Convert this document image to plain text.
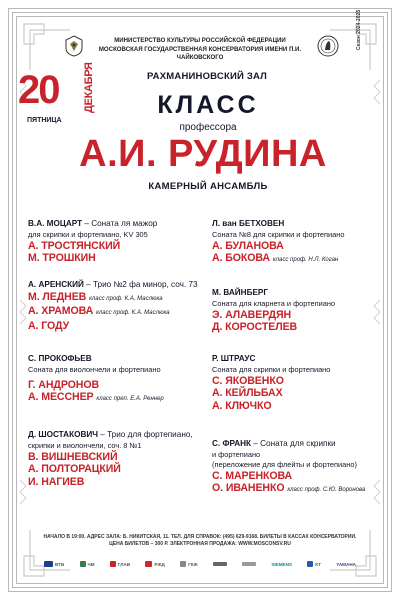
МИНИСТЕРСТВО КУЛЬТУРЫ РОССИЙСКОЙ ФЕДЕРАЦИИ
МОСКОВСКАЯ ГОСУДАРСТВЕННАЯ КОНСЕРВАТОРИЯ ИМЕНИ П.И. ЧАЙКОВСКОГО
Сезон 2024-2025
20 ДЕКАБРЯ
ПЯТНИЦА
РАХМАНИНОВСКИЙ ЗАЛ
КЛАСС
профессора
А.И. РУДИНА
КАМЕРНЫЙ АНСАМБЛЬ
В.А. МОЦАРТ – Соната ля мажор
для скрипки и фортепиано, KV 305
А. ТРОСТЯНСКИЙ
М. ТРОШКИН
А. АРЕНСКИЙ – Трио №2 фа минор, соч. 73
М. ЛЕДНЕВ класс проф. К.А. Маслюка
А. ХРАМОВА класс проф. К.А. Маслюка
А. ГОДУ
С. ПРОКОФЬЕВ
Соната для виолончели и фортепиано
Г. АНДРОНОВ
А. МЕССНЕР класс преп. Е.А. Реннер
Д. ШОСТАКОВИЧ – Трио для фортепиано,
скрипки и виолончели, соч. 8 №1
В. ВИШНЕВСКИЙ
А. ПОЛТОРАЦКИЙ
И. НАГИЕВ
Л. ван БЕТХОВЕН
Соната №8 для скрипки и фортепиано
А. БУЛАНОВА
А. БОКОВА класс проф. Н.Л. Коган
М. ВАЙНБЕРГ
Соната для кларнета и фортепиано
Э. АЛАВЕРДЯН
Д. КОРОСТЕЛЕВ
Р. ШТРАУС
Соната для скрипки и фортепиано
С. ЯКОВЕНКО
А. КЕЙЛЬБАХ
А. КЛЮЧКО
С. ФРАНК – Соната для скрипки
и фортепиано
(переложение для флейты и фортепиано)
С. МАРЕНКОВА
О. ИВАНЕНКО класс проф. С.Ю. Воронова
НАЧАЛО В 19:00. АДРЕС ЗАЛА: Б. НИКИТСКАЯ, 11. ТЕЛ. ДЛЯ СПРАВОК: (495) 629-9168. БИЛЕТЫ В КАССАХ КОНСЕРВАТОРИИ.
ЦЕНА БИЛЕТОВ – 300 Р. ЭЛЕКТРОННАЯ ПРОДАЖА: WWW.MOSCONSV.RU
ВТБ	ЧМ	ГЛАВ	РЖД	ГКЖ	SIEMENS	КТ	YAMAHA
